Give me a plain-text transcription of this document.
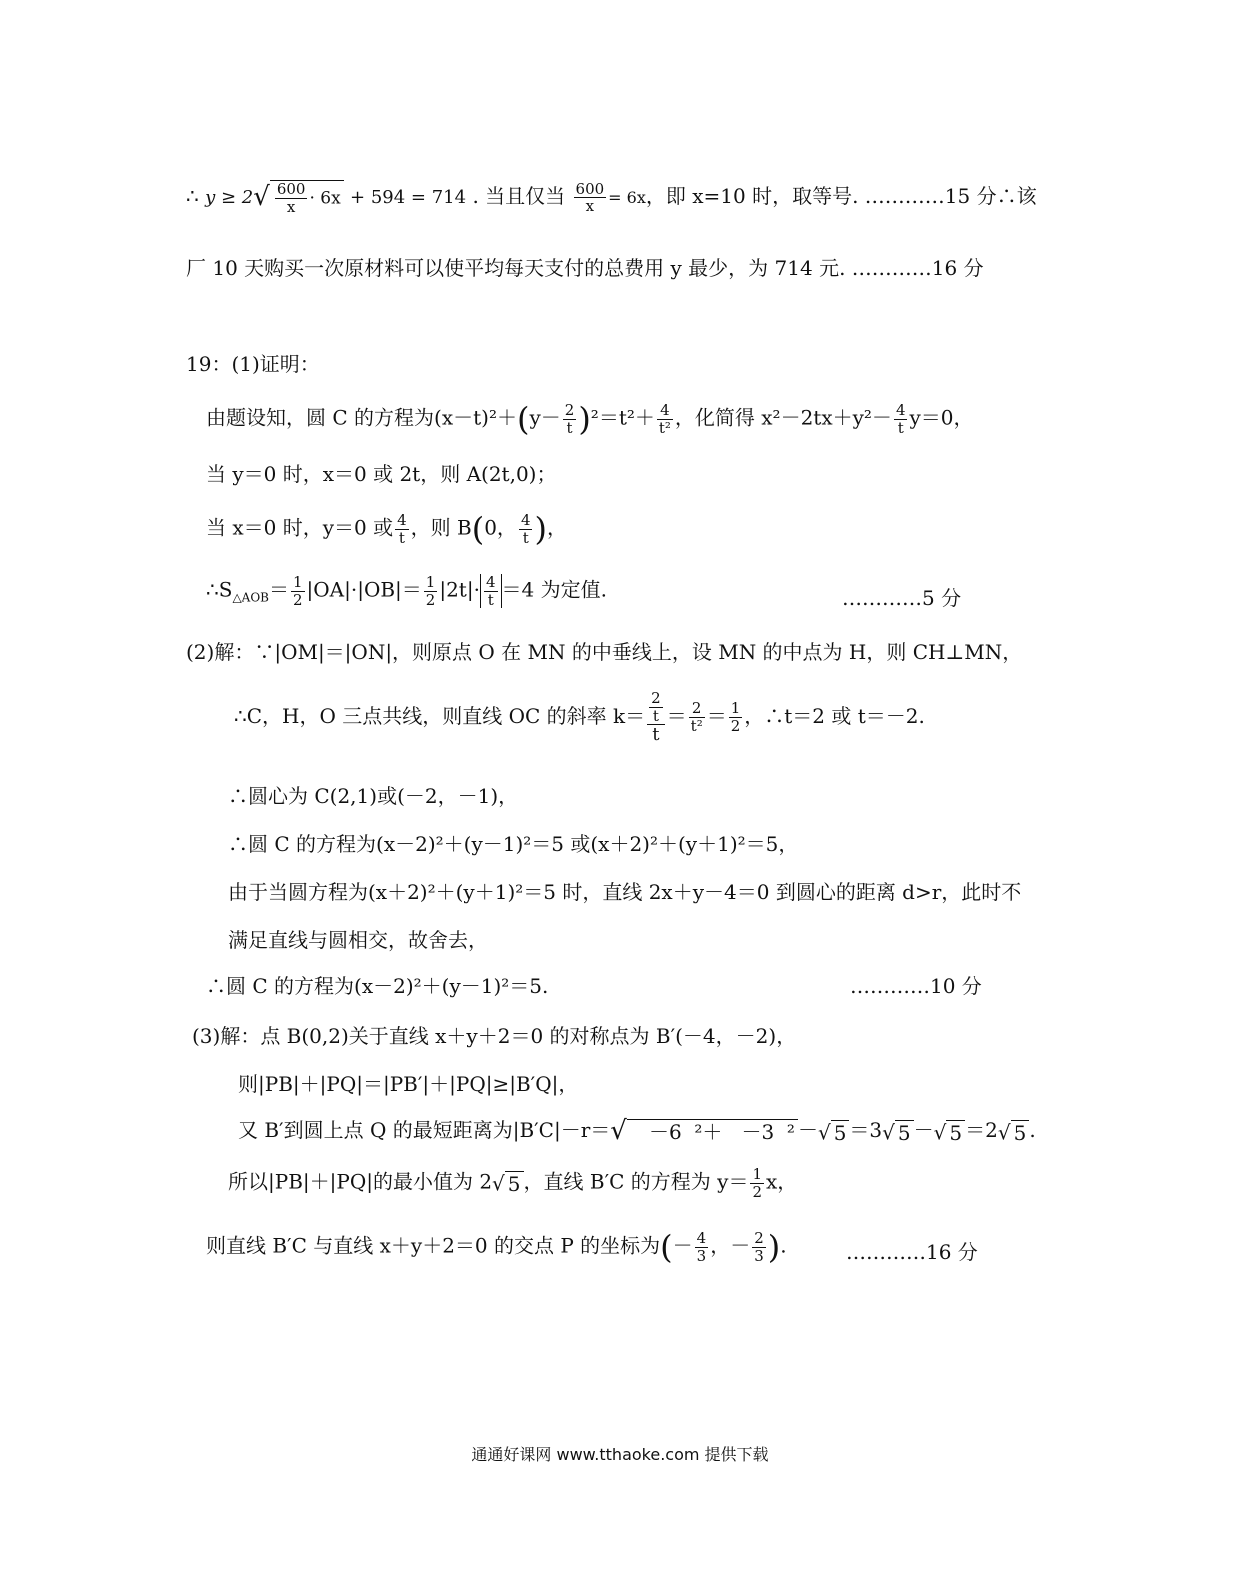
∴ $y \ge 2√ \frac{600}{x} \cdot 6x + 594 = 714$ . 当且仅当 $\frac{600}{x} = 6x$，即 x=10 时，取等号. …………15 分∴该
厂 10 天购买一次原材料可以使平均每天支付的总费用 y 最少，为 714 元. …………16 分
19：(1)证明：
由题设知，圆 C 的方程为$(x-t)^2+(y- \frac{2}{t} )^2=t^2+ \frac{4}{\text{t²}}$ ，化简得 $x^2-2tx+y^2- \frac{4}{t} y=0$，
当 y＝0 时，x＝0 或 2t，则 A(2t,0)；
当 x＝0 时，y＝0 或 $\frac{4}{t}$ ，则 B(0， $\frac{4}{t}$ )，
$\therefore S_{\triangle AOB}= \frac{1}{2} |OA|\cdot|OB|= \frac{1}{2} |2t|\cdot \frac{4}{t} =4$ 为定值.	…………5 分
(2)解：∵|OM|＝|ON|，则原点 O 在 MN 的中垂线上，设 MN 的中点为 H，则 CH⊥MN，
∴C，H，O 三点共线，则直线 OC 的斜率 $k= \frac{\frac{2}{t}}{t} = \frac{2}{\text{t²}} = \frac{1}{2}$ ，∴t＝2 或 t＝－2.
∴圆心为 C(2,1)或(－2，－1)，
∴圆 C 的方程为(x－2)²＋(y－1)²＝5 或(x＋2)²＋(y＋1)²＝5，
由于当圆方程为(x＋2)²＋(y＋1)²＝5 时，直线 2x＋y－4＝0 到圆心的距离 d>r，此时不
满足直线与圆相交，故舍去，
∴圆 C 的方程为(x－2)²＋(y－1)²＝5.	…………10 分
(3)解：点 B(0,2)关于直线 x＋y＋2＝0 的对称点为 B′(－4，－2)，
则|PB|＋|PQ|＝|PB′|＋|PQ|≥|B′Q|，
又 B′到圆上点 Q 的最短距离为|B′C|－r＝√   －6  ²＋   －3  ² －√ 5 ＝3√ 5 －√ 5 ＝2√ 5 .
所以|PB|＋|PQ|的最小值为 2√ 5 ，直线 B′C 的方程为 $y= \frac{1}{2}$ x，
则直线 B′C 与直线 x＋y＋2＝0 的交点 P 的坐标为(－ $\frac{4}{3}$ ，－ $\frac{2}{3}$ ).	…………16 分
通通好课网 www.tthaoke.com 提供下载
